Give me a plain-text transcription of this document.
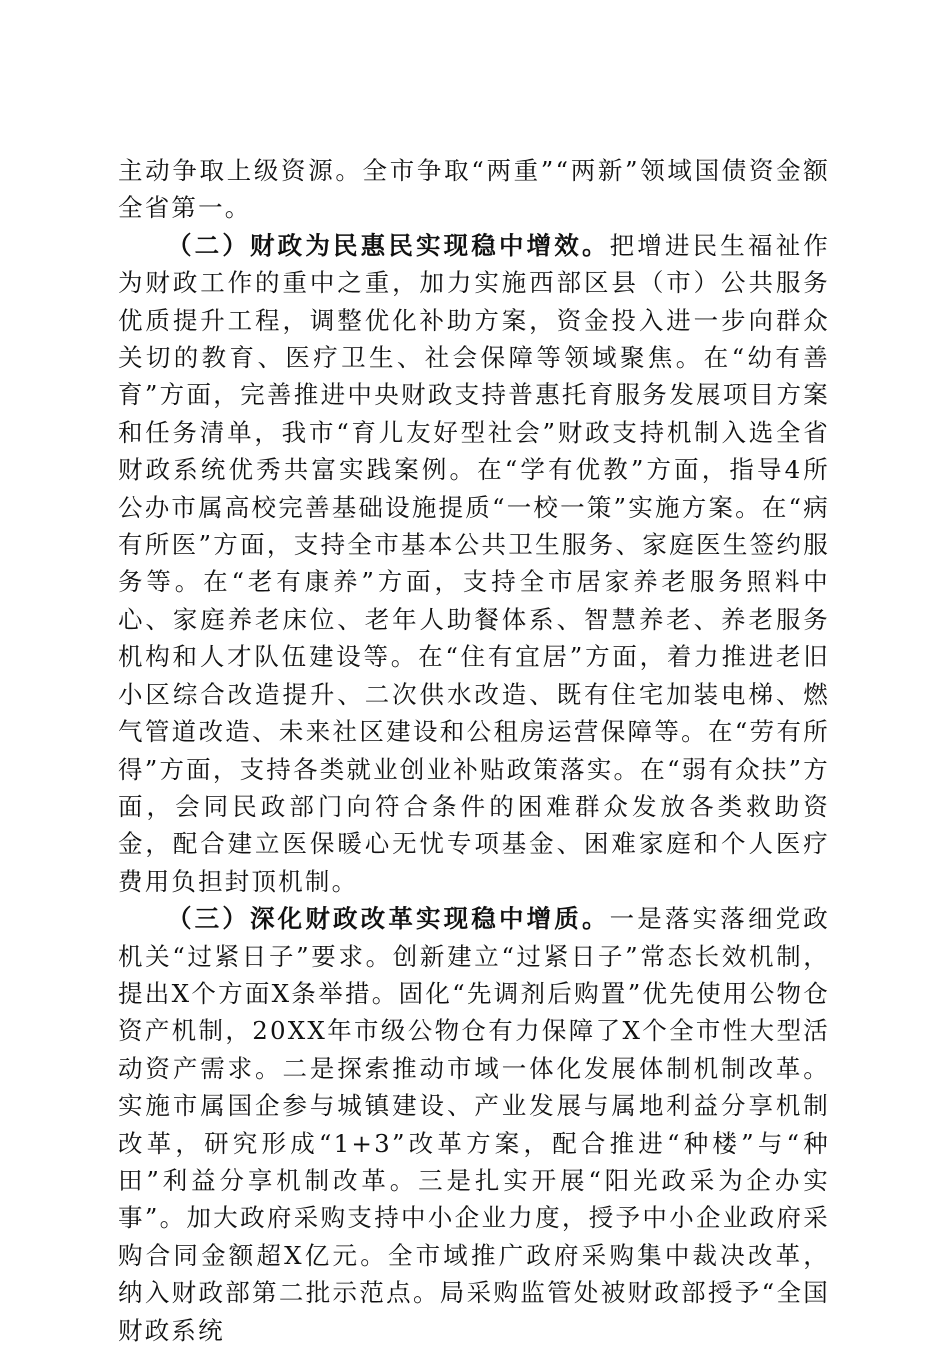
主动争取上级资源。全市争取“两重”“两新”领域国债资金额全省第一。

（二）财政为民惠民实现稳中增效。把增进民生福祉作为财政工作的重中之重，加力实施西部区县（市）公共服务优质提升工程，调整优化补助方案，资金投入进一步向群众关切的教育、医疗卫生、社会保障等领域聚焦。在“幼有善育”方面，完善推进中央财政支持普惠托育服务发展项目方案和任务清单，我市“育儿友好型社会”财政支持机制入选全省财政系统优秀共富实践案例。在“学有优教”方面，指导4所公办市属高校完善基础设施提质“一校一策”实施方案。在“病有所医”方面，支持全市基本公共卫生服务、家庭医生签约服务等。在“老有康养”方面，支持全市居家养老服务照料中心、家庭养老床位、老年人助餐体系、智慧养老、养老服务机构和人才队伍建设等。在“住有宜居”方面，着力推进老旧小区综合改造提升、二次供水改造、既有住宅加装电梯、燃气管道改造、未来社区建设和公租房运营保障等。在“劳有所得”方面，支持各类就业创业补贴政策落实。在“弱有众扶”方面，会同民政部门向符合条件的困难群众发放各类救助资金，配合建立医保暖心无忧专项基金、困难家庭和个人医疗费用负担封顶机制。

（三）深化财政改革实现稳中增质。一是落实落细党政机关“过紧日子”要求。创新建立“过紧日子”常态长效机制，提出X个方面X条举措。固化“先调剂后购置”优先使用公物仓资产机制，20XX年市级公物仓有力保障了X个全市性大型活动资产需求。二是探索推动市域一体化发展体制机制改革。实施市属国企参与城镇建设、产业发展与属地利益分享机制改革，研究形成“1+3”改革方案，配合推进“种楼”与“种田”利益分享机制改革。三是扎实开展“阳光政采为企办实事”。加大政府采购支持中小企业力度，授予中小企业政府采购合同金额超X亿元。全市域推广政府采购集中裁决改革，纳入财政部第二批示范点。局采购监管处被财政部授予“全国财政系统
